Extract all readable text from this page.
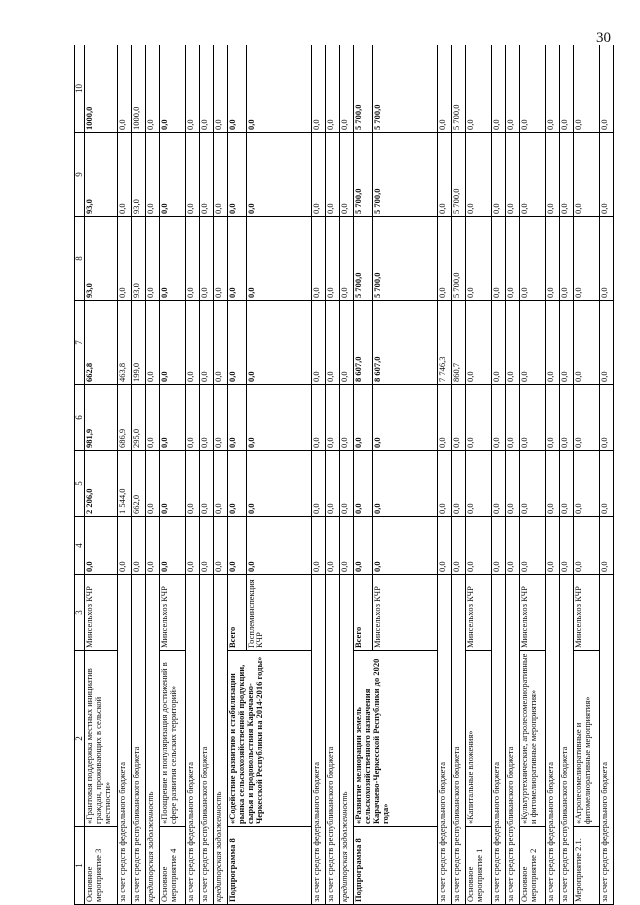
30
1	2	3	4	5	6	7	8	9	10
Основное мероприятие 3	«Грантовая поддержка местных инициатив граждан, проживающих в сельской местности»	Минсельхоз КЧР	0,0	2 206,0	981,9	662,8	93,0	93,0	1000,0
за счет средств федерального бюджета			0,0	1 544,0	686,9	463,8	0,0	0,0	0,0
за счет средств республиканского бюджета			0,0	662,0	295,0	199,0	93,0	93,0	1000,0
кредиторская задолженность			0,0	0,0	0,0	0,0	0,0	0,0	0,0
Основное мероприятие 4	«Поощрение и популяризация достижений в сфере развития сельских территорий»	Минсельхоз КЧР	0,0	0,0	0,0	0,0	0,0	0,0	0,0
за счет средств федерального бюджета			0,0	0,0	0,0	0,0	0,0	0,0	0,0
за счет средств республиканского бюджета			0,0	0,0	0,0	0,0	0,0	0,0	0,0
кредиторская задолженность			0,0	0,0	0,0	0,0	0,0	0,0	0,0
Подпрограмма 8	«Содействие развитию и стабилизации рынка сельскохозяйственной продукции, сырья и продовольствия Карачаево-Черкесской Республики на 2014-2016 годы»	Всего	0,0	0,0	0,0	0,0	0,0	0,0	0,0
		Госплеминспекция КЧР	0,0	0,0	0,0	0,0	0,0	0,0	0,0
за счет средств федерального бюджета			0,0	0,0	0,0	0,0	0,0	0,0	0,0
за счет средств республиканского бюджета			0,0	0,0	0,0	0,0	0,0	0,0	0,0
кредиторская задолженность			0,0	0,0	0,0	0,0	0,0	0,0	0,0
Подпрограмма 8	«Развитие мелиорации земель сельскохозяйственного назначения Карачаево-Черкесской Республики до 2020 года»	Всего	0,0	0,0	0,0	8 607,0	5 700,0	5 700,0	5 700,0
		Минсельхоз КЧР	0,0	0,0	0,0	8 607,0	5 700,0	5 700,0	5 700,0
за счет средств федерального бюджета			0,0	0,0	0,0	7 746,3	0,0	0,0	0,0
за счет средств республиканского бюджета			0,0	0,0	0,0	860,7	5 700,0	5 700,0	5 700,0
Основное мероприятие 1	«Капитальные вложения»	Минсельхоз КЧР	0,0	0,0	0,0	0,0	0,0	0,0	0,0
за счет средств федерального бюджета			0,0	0,0	0,0	0,0	0,0	0,0	0,0
за счет средств республиканского бюджета			0,0	0,0	0,0	0,0	0,0	0,0	0,0
Основное мероприятие 2	«Культуртехнические, агролесомелиоративные и фитомелиоративные мероприятия»	Минсельхоз КЧР	0,0	0,0	0,0	0,0	0,0	0,0	0,0
за счет средств федерального бюджета			0,0	0,0	0,0	0,0	0,0	0,0	0,0
за счет средств республиканского бюджета			0,0	0,0	0,0	0,0	0,0	0,0	0,0
Мероприятие 2.1.	«Агролесомелиоративные и фитомелиоративные мероприятия»	Минсельхоз КЧР	0,0	0,0	0,0	0,0	0,0	0,0	0,0
за счет средств федерального бюджета			0,0	0,0	0,0	0,0	0,0	0,0	0,0
